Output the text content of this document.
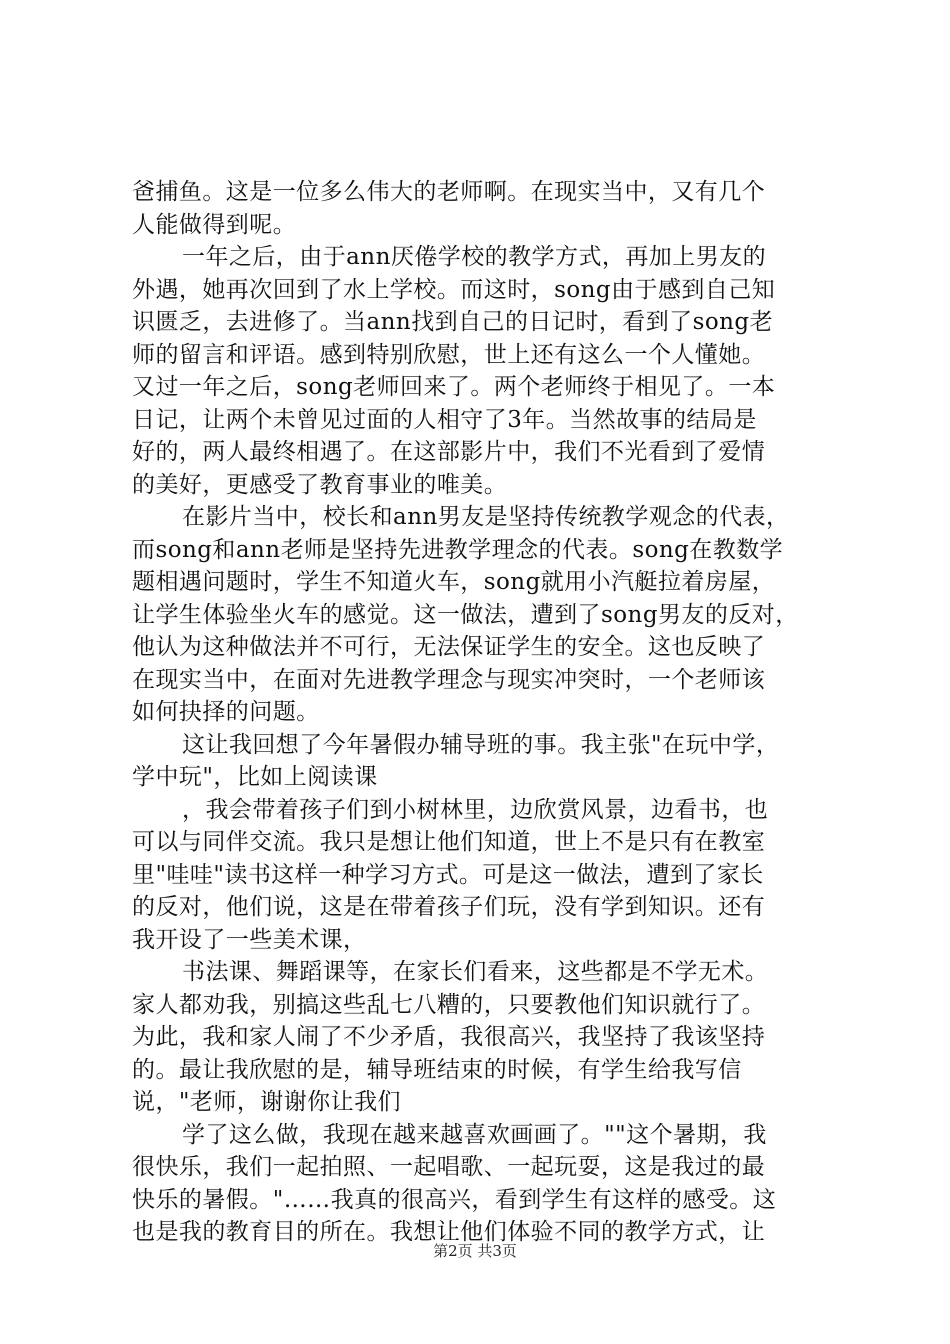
爸捕鱼。这是一位多么伟大的老师啊。在现实当中，又有几个
人能做得到呢。
一年之后，由于ann厌倦学校的教学方式，再加上男友的
外遇，她再次回到了水上学校。而这时，song由于感到自己知
识匮乏，去进修了。当ann找到自己的日记时，看到了song老
师的留言和评语。感到特别欣慰，世上还有这么一个人懂她。
又过一年之后，song老师回来了。两个老师终于相见了。一本
日记，让两个未曾见过面的人相守了3年。当然故事的结局是
好的，两人最终相遇了。在这部影片中，我们不光看到了爱情
的美好，更感受了教育事业的唯美。
在影片当中，校长和ann男友是坚持传统教学观念的代表，
而song和ann老师是坚持先进教学理念的代表。song在教数学
题相遇问题时，学生不知道火车，song就用小汽艇拉着房屋，
让学生体验坐火车的感觉。这一做法，遭到了song男友的反对，
他认为这种做法并不可行，无法保证学生的安全。这也反映了
在现实当中，在面对先进教学理念与现实冲突时，一个老师该
如何抉择的问题。
这让我回想了今年暑假办辅导班的事。我主张"在玩中学，
学中玩"，比如上阅读课
，我会带着孩子们到小树林里，边欣赏风景，边看书，也
可以与同伴交流。我只是想让他们知道，世上不是只有在教室
里"哇哇"读书这样一种学习方式。可是这一做法，遭到了家长
的反对，他们说，这是在带着孩子们玩，没有学到知识。还有
我开设了一些美术课，
书法课、舞蹈课等，在家长们看来，这些都是不学无术。
家人都劝我，别搞这些乱七八糟的，只要教他们知识就行了。
为此，我和家人闹了不少矛盾，我很高兴，我坚持了我该坚持
的。最让我欣慰的是，辅导班结束的时候，有学生给我写信
说，"老师，谢谢你让我们
学了这么做，我现在越来越喜欢画画了。""这个暑期，我
很快乐，我们一起拍照、一起唱歌、一起玩耍，这是我过的最
快乐的暑假。"……我真的很高兴，看到学生有这样的感受。这
也是我的教育目的所在。我想让他们体验不同的教学方式，让
第2页 共3页
